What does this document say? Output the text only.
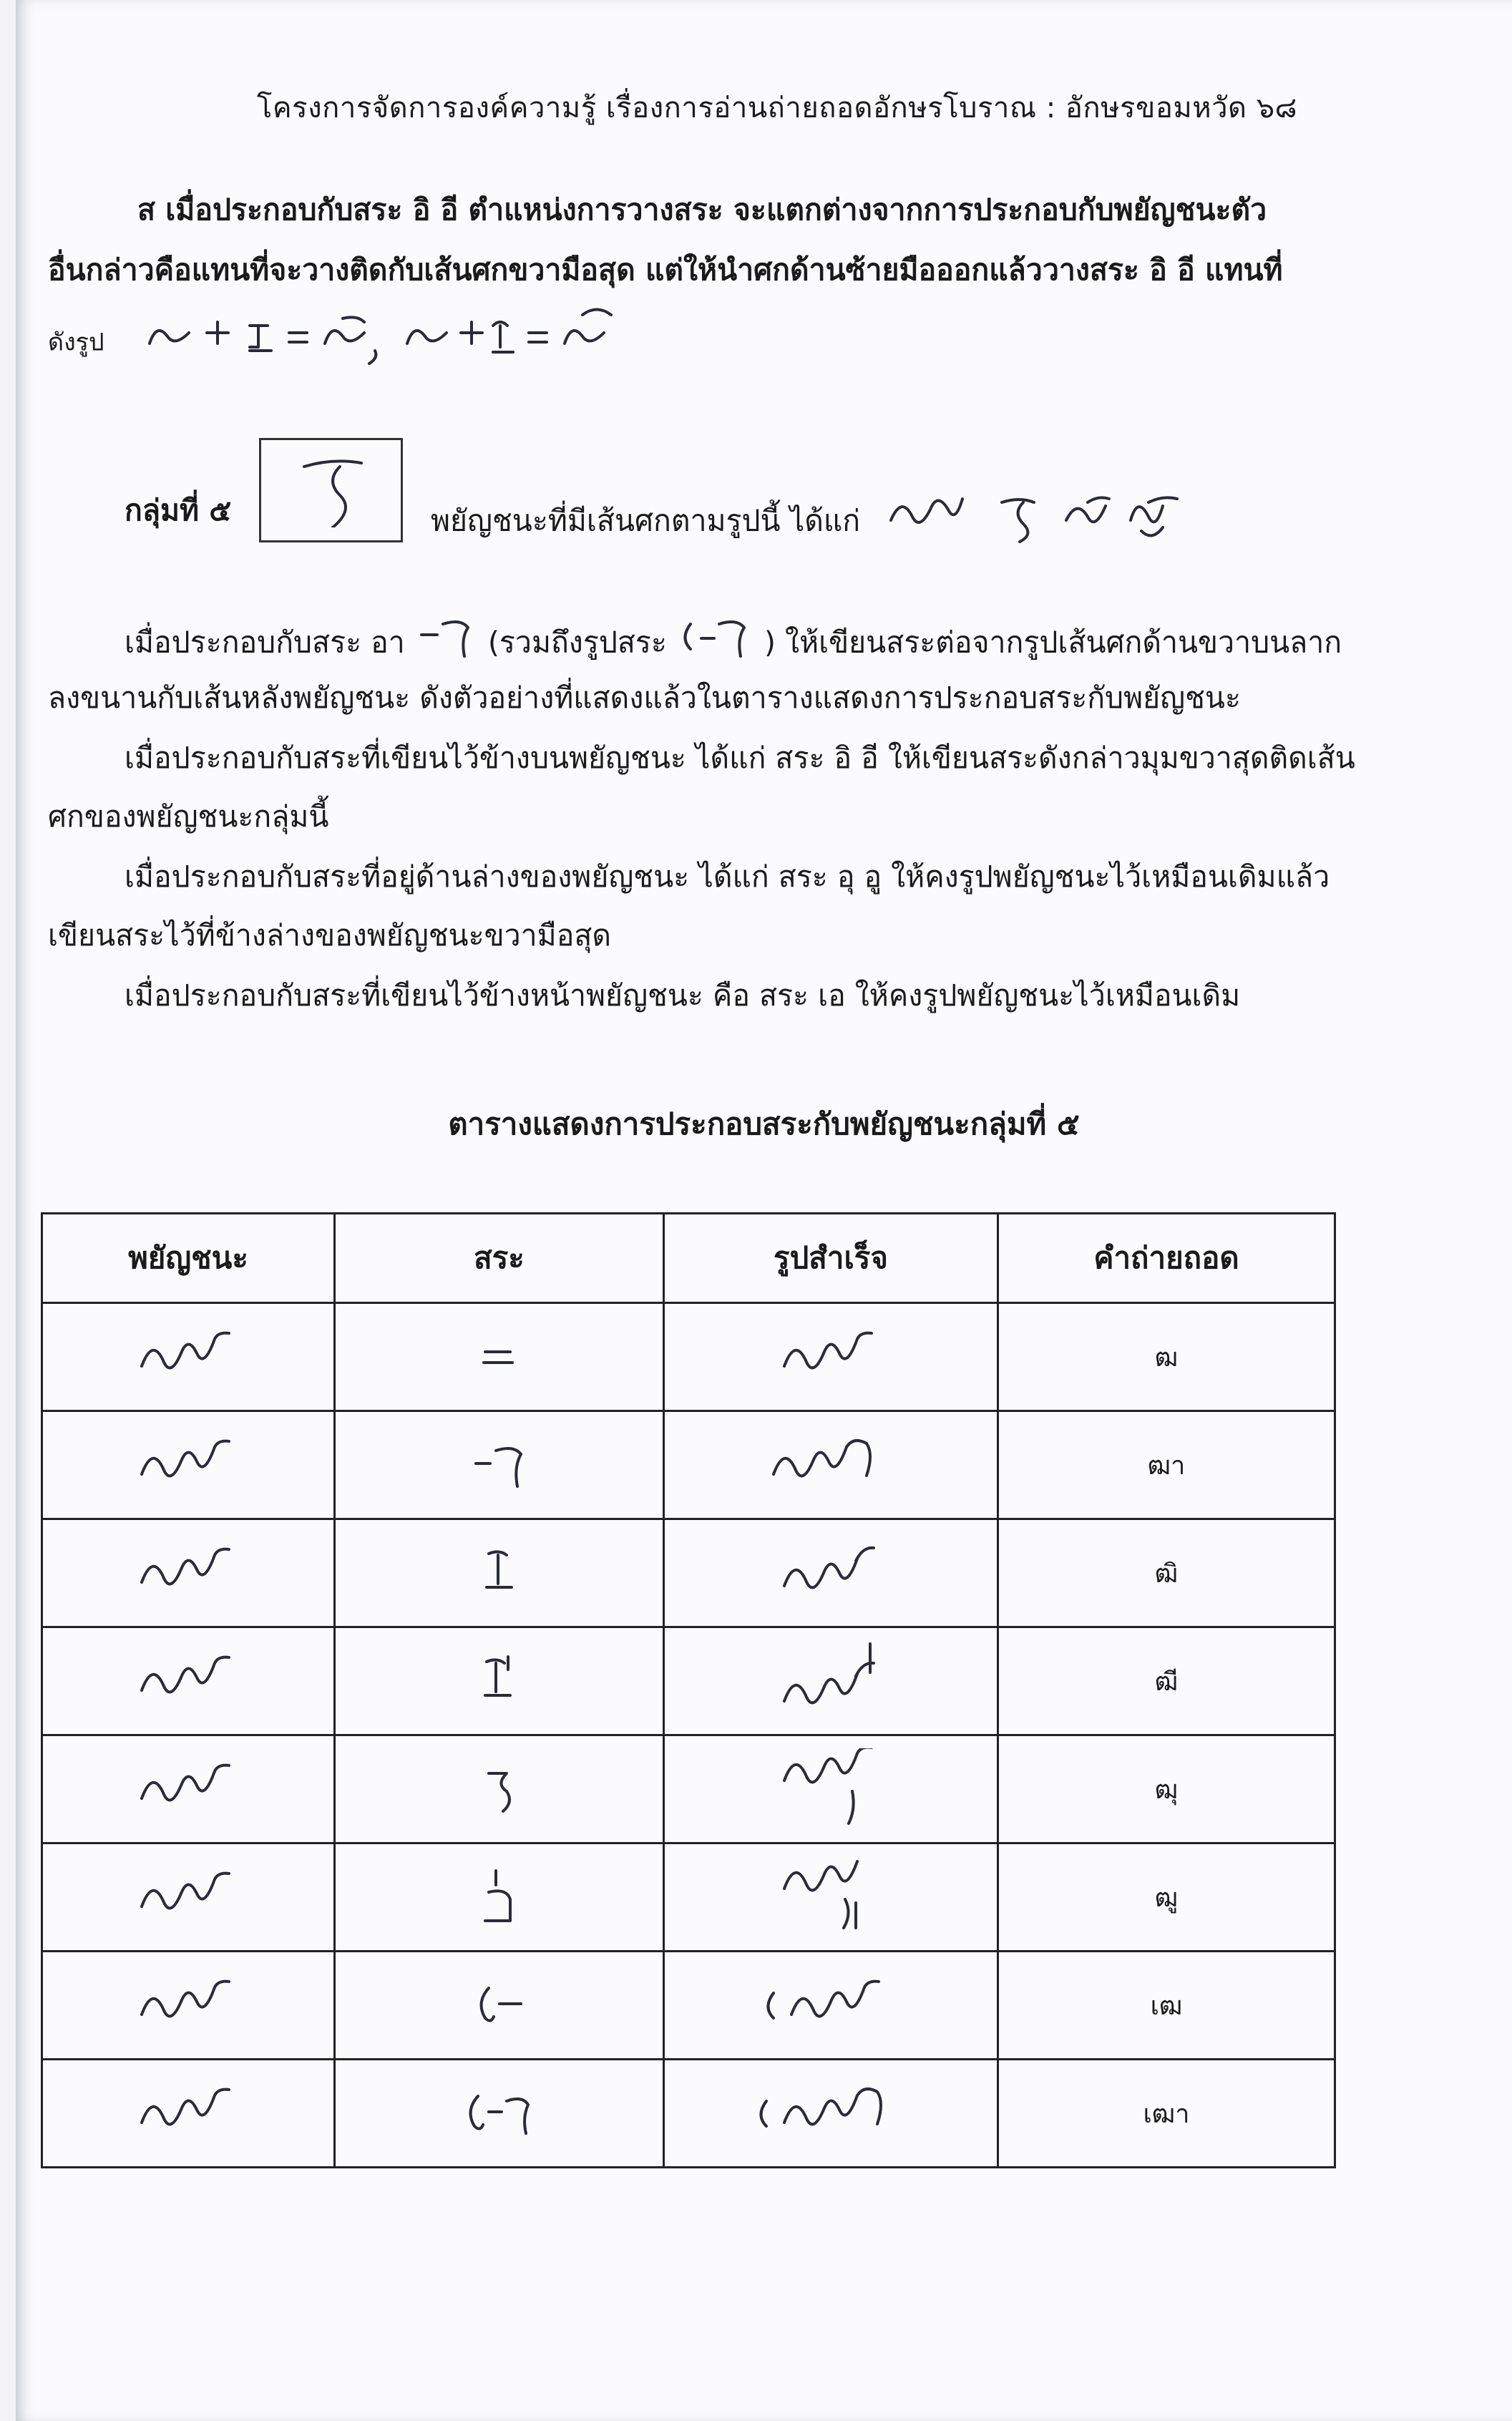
โครงการจัดการองค์ความรู้ เรื่องการอ่านถ่ายถอดอักษรโบราณ : อักษรขอมหวัด ๖๘
ส เมื่อประกอบกับสระ อิ อี ตำแหน่งการวางสระ จะแตกต่างจากการประกอบกับพยัญชนะตัว
อื่นกล่าวคือแทนที่จะวางติดกับเส้นศกขวามือสุด แต่ให้นำศกด้านซ้ายมือออกแล้ววางสระ อิ อี แทนที่
ดังรูป
กลุ่มที่ ๕	พยัญชนะที่มีเส้นศกตามรูปนี้ ได้แก่
เมื่อประกอบกับสระ อา	(รวมถึงรูปสระ	) ให้เขียนสระต่อจากรูปเส้นศกด้านขวาบนลาก
ลงขนานกับเส้นหลังพยัญชนะ ดังตัวอย่างที่แสดงแล้วในตารางแสดงการประกอบสระกับพยัญชนะ
เมื่อประกอบกับสระที่เขียนไว้ข้างบนพยัญชนะ ได้แก่ สระ อิ อี ให้เขียนสระดังกล่าวมุมขวาสุดติดเส้น
ศกของพยัญชนะกลุ่มนี้
เมื่อประกอบกับสระที่อยู่ด้านล่างของพยัญชนะ ได้แก่ สระ อุ อู ให้คงรูปพยัญชนะไว้เหมือนเดิมแล้ว
เขียนสระไว้ที่ข้างล่างของพยัญชนะขวามือสุด
เมื่อประกอบกับสระที่เขียนไว้ข้างหน้าพยัญชนะ คือ สระ เอ ให้คงรูปพยัญชนะไว้เหมือนเดิม
ตารางแสดงการประกอบสระกับพยัญชนะกลุ่มที่ ๕
พยัญชนะ	สระ	รูปสำเร็จ	คำถ่ายถอด
			ฒ
			ฒา
			ฒิ
			ฒี
			ฒุ
			ฒู
			เฒ
			เฒา
